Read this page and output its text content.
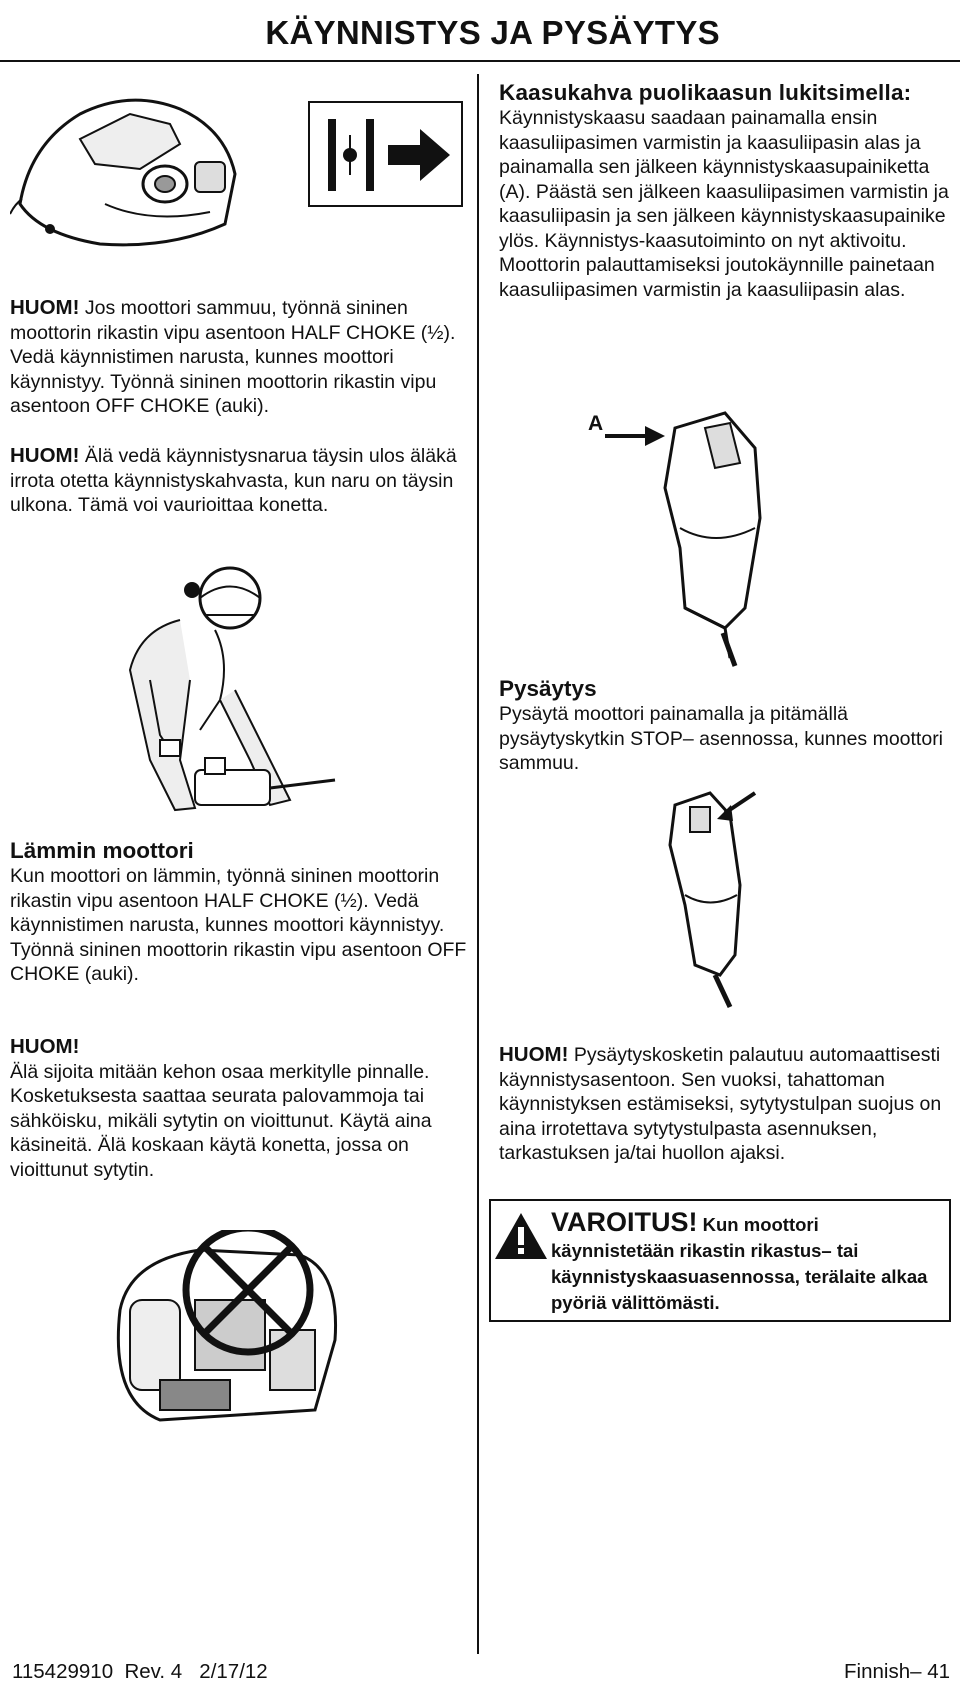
KÄYNNISTYS JA PYSÄYTYS

HUOM! Jos moottori sammuu, työnnä sininen moottorin rikastin vipu asentoon HALF CHOKE (½). Vedä käynnistimen narusta, kunnes moottori käynnistyy. Työnnä sininen moottorin rikastin vipu asentoon OFF CHOKE (auki).

HUOM! Älä vedä käynnistysnarua täysin ulos äläkä irrota otetta käynnistyskahvasta, kun naru on täysin ulkona. Tämä voi vaurioittaa konetta.

Lämmin moottori

Kun moottori on lämmin, työnnä sininen moottorin rikastin vipu asentoon HALF CHOKE (½). Vedä käynnistimen narusta, kunnes moottori käynnistyy. Työnnä sininen moottorin rikastin vipu asentoon OFF CHOKE (auki).

HUOM!

Älä sijoita mitään kehon osaa merkitylle pinnalle. Kosketuksesta saattaa seurata palovammoja tai sähköisku, mikäli sytytin on vioittunut. Käytä aina käsineitä. Älä koskaan käytä konetta, jossa on vioittunut sytytin.

Kaasukahva puolikaasun lukitsimella:

Käynnistyskaasu saadaan painamalla ensin kaasuliipasimen varmistin ja kaasuliipasin alas ja painamalla sen jälkeen käynnistyskaasupainiketta (A). Päästä sen jälkeen kaasuliipasimen varmistin ja kaasuliipasin ja sen jälkeen käynnistyskaasupainike ylös. Käynnistys-kaasutoiminto on nyt aktivoitu. Moottorin palauttamiseksi joutokäynnille painetaan kaasuliipasimen varmistin ja kaasuliipasin alas.

A

Pysäytys

Pysäytä moottori painamalla ja pitämällä pysäytyskytkin STOP– asennossa, kunnes moottori sammuu.

HUOM! Pysäytyskosketin palautuu automaattisesti käynnistysasentoon. Sen vuoksi, tahattoman käynnistyksen estämiseksi, sytytystulpan suojus on aina irrotettava sytytystulpasta asennuksen, tarkastuksen ja/tai huollon ajaksi.

VAROITUS! Kun moottori käynnistetään rikastin rikastus– tai käynnistyskaasuasennossa, terälaite alkaa pyöriä välittömästi.
115429910  Rev. 4   2/17/12	Finnish– 41
